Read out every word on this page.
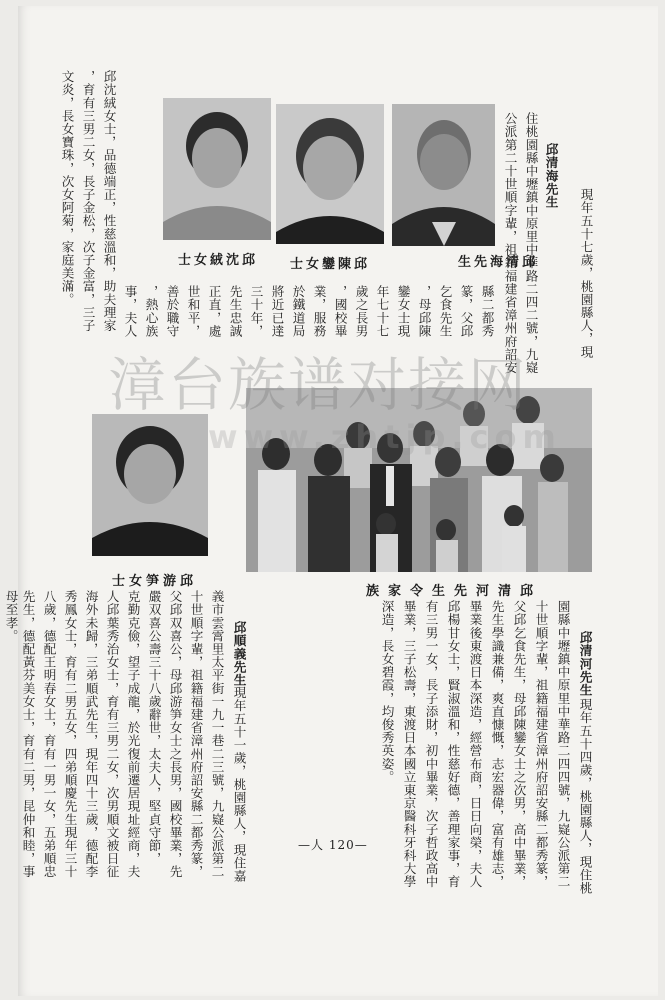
邱清海先生

現年五十七歲，桃園縣人，現
住桃園縣中壢鎮中原里中華路二四二號，九嶷
公派第二十世順字輩，祖籍福建省漳州府詔安
縣二都秀
篆，父邱
乞食先生
，母邱陳
鑾女士現
年七十七
歲之長男
，國校畢
業，服務
於鐵道局
將近已達
三十年，
先生忠誠
正直，處
世和平，
善於職守
，熱心族
事，夫人
邱沈絨女士，品德端正，性慈溫和，助夫理家
，育有三男二女，長子金松，次子金富，三子
文炎，長女寶珠，次女阿菊，家庭美滿。	邱清海先生
邱陳鑾女士
邱沈絨女士
邱游笋女士
邱清河先生令家族
漳台族谱对接网
www.zhtjp.com

邱清河先生

現年五十四歲，桃園縣人，現住桃
園縣中壢鎮中原里中華路二四四號，九嶷公派第二
十世順字輩，祖籍福建省漳州府詔安縣二都秀篆，
父邱乞食先生，母邱陳鑾女士之次男，高中畢業，
先生學識兼備，爽直慷慨，志宏器偉，富有雄志，
畢業後東渡日本深造，經營布商，日日向榮，夫人
邱楊甘女士，賢淑溫和，性慈好德，善理家事，育
有三男一女，長子添財，初中畢業，次子哲政高中
畢業，三子松壽，東渡日本國立東京醫科牙科大學
深造，長女碧霞，均俊秀英姿。

邱順義先生

現年五十一歲，桃園縣人，現住嘉
義市雲霄里太平街一九一巷二三號，九嶷公派第二
十世順字輩，祖籍福建省漳州府詔安縣二都秀篆，
父邱双喜公，母邱游笋女士之長男，國校畢業，先
嚴双喜公壽三十八歲辭世，太夫人，堅貞守節，
克勤克儉，望子成龍，於光復前遷居現址經商，夫
人邱葉秀治女士，育有三男二女，次男順文被日征
海外未歸，三弟順武先生，現年四十三歲，德配李
秀鳳女士，育有二男五女，四弟順慶先生現年三十
八歲，德配王明春女士，育有一男一女，五弟順忠
先生，德配黃芬美女士，育有二男，昆仲和睦，事
母至孝。
—人 120—
